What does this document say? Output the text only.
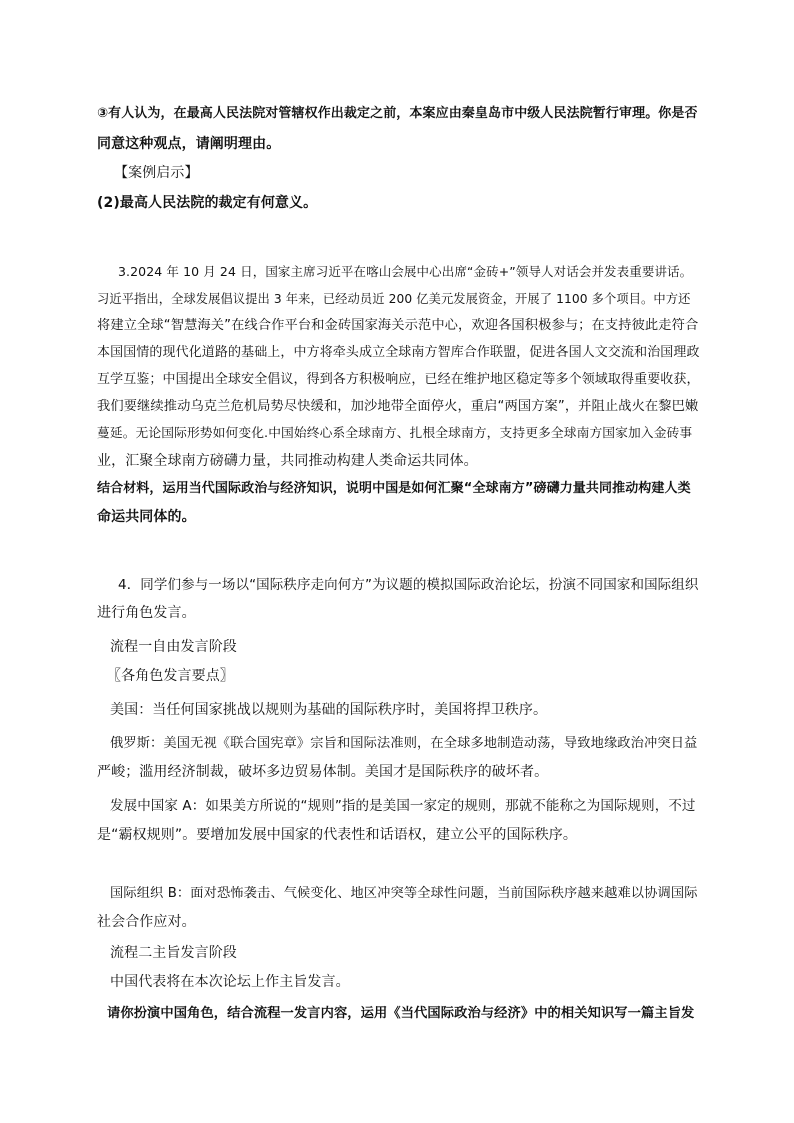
③有人认为，在最高人民法院对管辖权作出裁定之前，本案应由秦皇岛市中级人民法院暂行审理。你是否
同意这种观点，请阐明理由。
【案例启示】
(2)最高人民法院的裁定有何意义。
3.2024 年 10 月 24 日，国家主席习近平在喀山会展中心出席“金砖+”领导人对话会并发表重要讲话。
习近平指出，全球发展倡议提出 3 年来，已经动员近 200 亿美元发展资金，开展了 1100 多个项目。中方还
将建立全球“智慧海关”在线合作平台和金砖国家海关示范中心，欢迎各国积极参与；在支持彼此走符合
本国国情的现代化道路的基础上，中方将牵头成立全球南方智库合作联盟，促进各国人文交流和治国理政
互学互鉴；中国提出全球安全倡议，得到各方积极响应，已经在维护地区稳定等多个领域取得重要收获，
我们要继续推动乌克兰危机局势尽快缓和，加沙地带全面停火，重启“两国方案”，并阻止战火在黎巴嫩
蔓延。无论国际形势如何变化.中国始终心系全球南方、扎根全球南方，支持更多全球南方国家加入金砖事
业，汇聚全球南方磅礴力量，共同推动构建人类命运共同体。
结合材料，运用当代国际政治与经济知识，说明中国是如何汇聚“全球南方”磅礴力量共同推动构建人类
命运共同体的。
4．同学们参与一场以“国际秩序走向何方”为议题的模拟国际政治论坛，扮演不同国家和国际组织
进行角色发言。
流程一自由发言阶段
〖各角色发言要点〗
美国：当任何国家挑战以规则为基础的国际秩序时，美国将捍卫秩序。
俄罗斯：美国无视《联合国宪章》宗旨和国际法准则，在全球多地制造动荡，导致地缘政治冲突日益
严峻；滥用经济制裁，破坏多边贸易体制。美国才是国际秩序的破坏者。
发展中国家 A：如果美方所说的“规则”指的是美国一家定的规则，那就不能称之为国际规则，不过
是“霸权规则”。要增加发展中国家的代表性和话语权，建立公平的国际秩序。
国际组织 B：面对恐怖袭击、气候变化、地区冲突等全球性问题，当前国际秩序越来越难以协调国际
社会合作应对。
流程二主旨发言阶段
中国代表将在本次论坛上作主旨发言。
请你扮演中国角色，结合流程一发言内容，运用《当代国际政治与经济》中的相关知识写一篇主旨发
